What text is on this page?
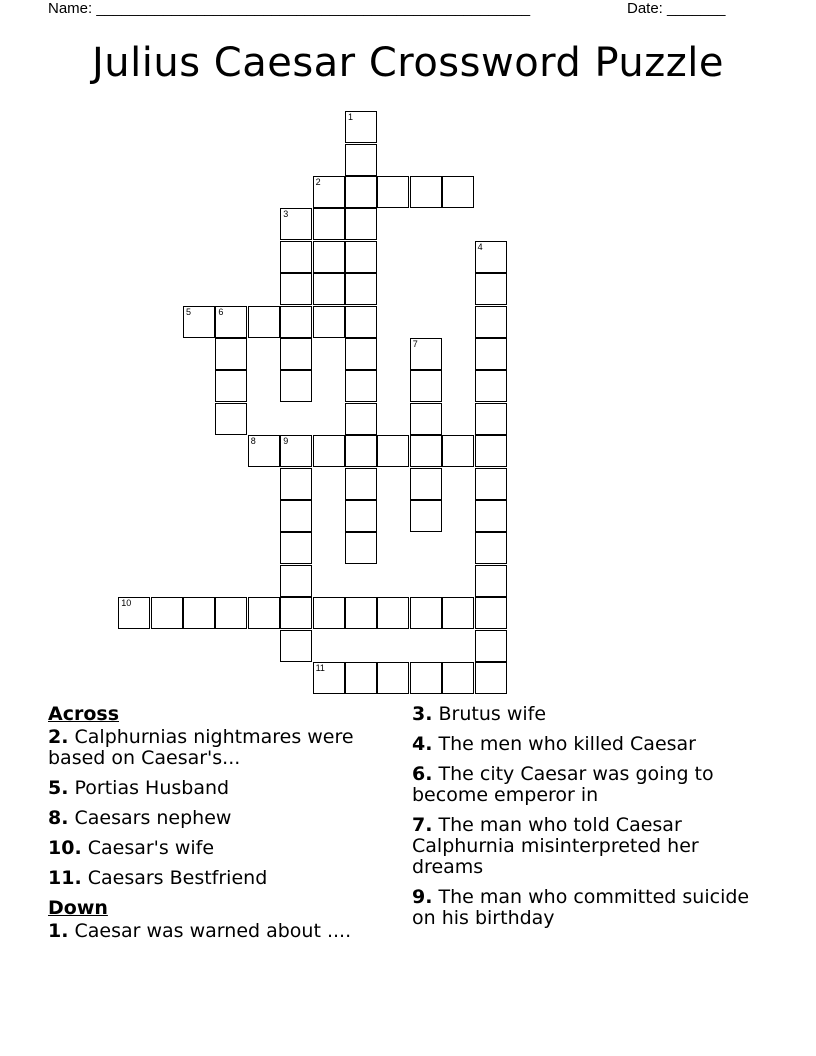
Name: ____________________________________________________	Date: _______
Julius Caesar Crossword Puzzle
1
2
3
4
5	6
7
8	9
10
11
Across
2. Calphurnias nightmares were based on Caesar's...
5. Portias Husband
8. Caesars nephew
10. Caesar's wife
11. Caesars Bestfriend
Down
1. Caesar was warned about ....
3. Brutus wife
4. The men who killed Caesar
6. The city Caesar was going to become emperor in
7. The man who told Caesar Calphurnia misinterpreted her dreams
9. The man who committed suicide on his birthday
